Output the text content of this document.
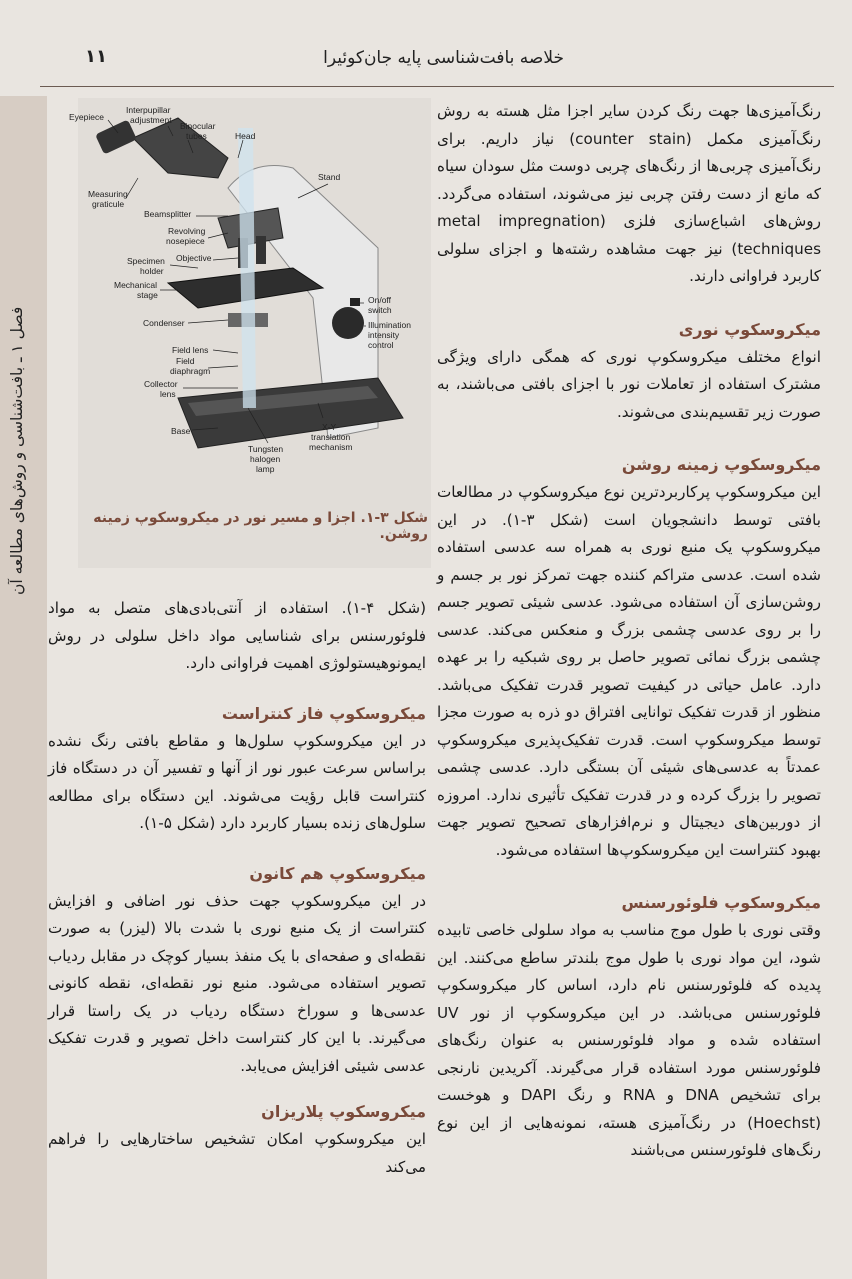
خلاصه بافت‌شناسی پایه جان‌کوئیرا
۱۱
فصل ۱ ـ بافت‌شناسی و روش‌های مطالعه آن
Eyepiece
Interpupillar
adjustment
Binocular
tubes	Head
Stand
Measuring
graticule
Beamsplitter
Revolving
nosepiece
Specimen
holder
Objective
Mechanical
stage	On/off
switch
Illumination
intensity
control
Condenser
Field lens
Field
diaphragm
Collector
lens
Base	X-Y
translation
mechanism
Tungsten
halogen
lamp
شکل ۳-۱. اجزا و مسیر نور در میکروسکوپ زمینه روشن.

رنگ‌آمیزی‌ها جهت رنگ کردن سایر اجزا مثل هسته به روش رنگ‌آمیزی مکمل (counter stain) نیاز داریم. برای رنگ‌آمیزی چربی‌ها از رنگ‌های چربی دوست مثل سودان سیاه که مانع از دست رفتن چربی نیز می‌شوند، استفاده می‌گردد. روش‌های اشباع‌سازی فلزی (metal impregnation techniques) نیز جهت مشاهده رشته‌ها و اجزای سلولی کاربرد فراوانی دارند.

میکروسکوپ نوری

انواع مختلف میکروسکوپ نوری که همگی دارای ویژگی مشترک استفاده از تعاملات نور با اجزای بافتی می‌باشند، به صورت زیر تقسیم‌بندی می‌شوند.

میکروسکوپ زمینه روشن

این میکروسکوپ پرکاربردترین نوع میکروسکوپ در مطالعات بافتی توسط دانشجویان است (شکل ۳-۱). در این میکروسکوپ یک منبع نوری به همراه سه عدسی استفاده شده است. عدسی متراکم کننده جهت تمرکز نور بر جسم و روشن‌سازی آن استفاده می‌شود. عدسی شیئی تصویر جسم را بر روی عدسی چشمی بزرگ و منعکس می‌کند. عدسی چشمی بزرگ نمائی تصویر حاصل بر روی شبکیه را بر عهده دارد. عامل حیاتی در کیفیت تصویر قدرت تفکیک می‌باشد. منظور از قدرت تفکیک توانایی افتراق دو ذره به صورت مجزا توسط میکروسکوپ است. قدرت تفکیک‌پذیری میکروسکوپ عمدتاً به عدسی‌های شیئی آن بستگی دارد. عدسی چشمی تصویر را بزرگ کرده و در قدرت تفکیک تأثیری ندارد. امروزه از دوربین‌های دیجیتال و نرم‌افزارهای تصحیح تصویر جهت بهبود کنتراست این میکروسکوپ‌ها استفاده می‌شود.

میکروسکوپ فلوئورسنس

وقتی نوری با طول موج مناسب به مواد سلولی خاصی تابیده شود، این مواد نوری با طول موج بلندتر ساطع می‌کنند. این پدیده که فلوئورسنس نام دارد، اساس کار میکروسکوپ فلوئورسنس می‌باشد. در این میکروسکوپ از نور UV استفاده شده و مواد فلوئورسنس به عنوان رنگ‌های فلوئورسنس مورد استفاده قرار می‌گیرند. آکریدین نارنجی برای تشخیص DNA و RNA و رنگ DAPI و هوخست (Hoechst) در رنگ‌آمیزی هسته، نمونه‌هایی از این نوع رنگ‌های فلوئورسنس می‌باشند

(شکل ۴-۱). استفاده از آنتی‌بادی‌های متصل به مواد فلوئورسنس برای شناسایی مواد داخل سلولی در روش ایمونوهیستولوژی اهمیت فراوانی دارد.

میکروسکوپ فاز کنتراست

در این میکروسکوپ سلول‌ها و مقاطع بافتی رنگ نشده براساس سرعت عبور نور از آنها و تفسیر آن در دستگاه فاز کنتراست قابل رؤیت می‌شوند. این دستگاه برای مطالعه سلول‌های زنده بسیار کاربرد دارد (شکل ۵-۱).

میکروسکوپ هم کانون

در این میکروسکوپ جهت حذف نور اضافی و افزایش کنتراست از یک منبع نوری با شدت بالا (لیزر) به صورت نقطه‌ای و صفحه‌ای با یک منفذ بسیار کوچک در مقابل ردیاب تصویر استفاده می‌شود. منبع نور نقطه‌ای، نقطه کانونی عدسی‌ها و سوراخ دستگاه ردیاب در یک راستا قرار می‌گیرند. با این کار کنتراست داخل تصویر و قدرت تفکیک عدسی شیئی افزایش می‌یابد.

میکروسکوپ پلاریزان

این میکروسکوپ امکان تشخیص ساختارهایی را فراهم می‌کند
